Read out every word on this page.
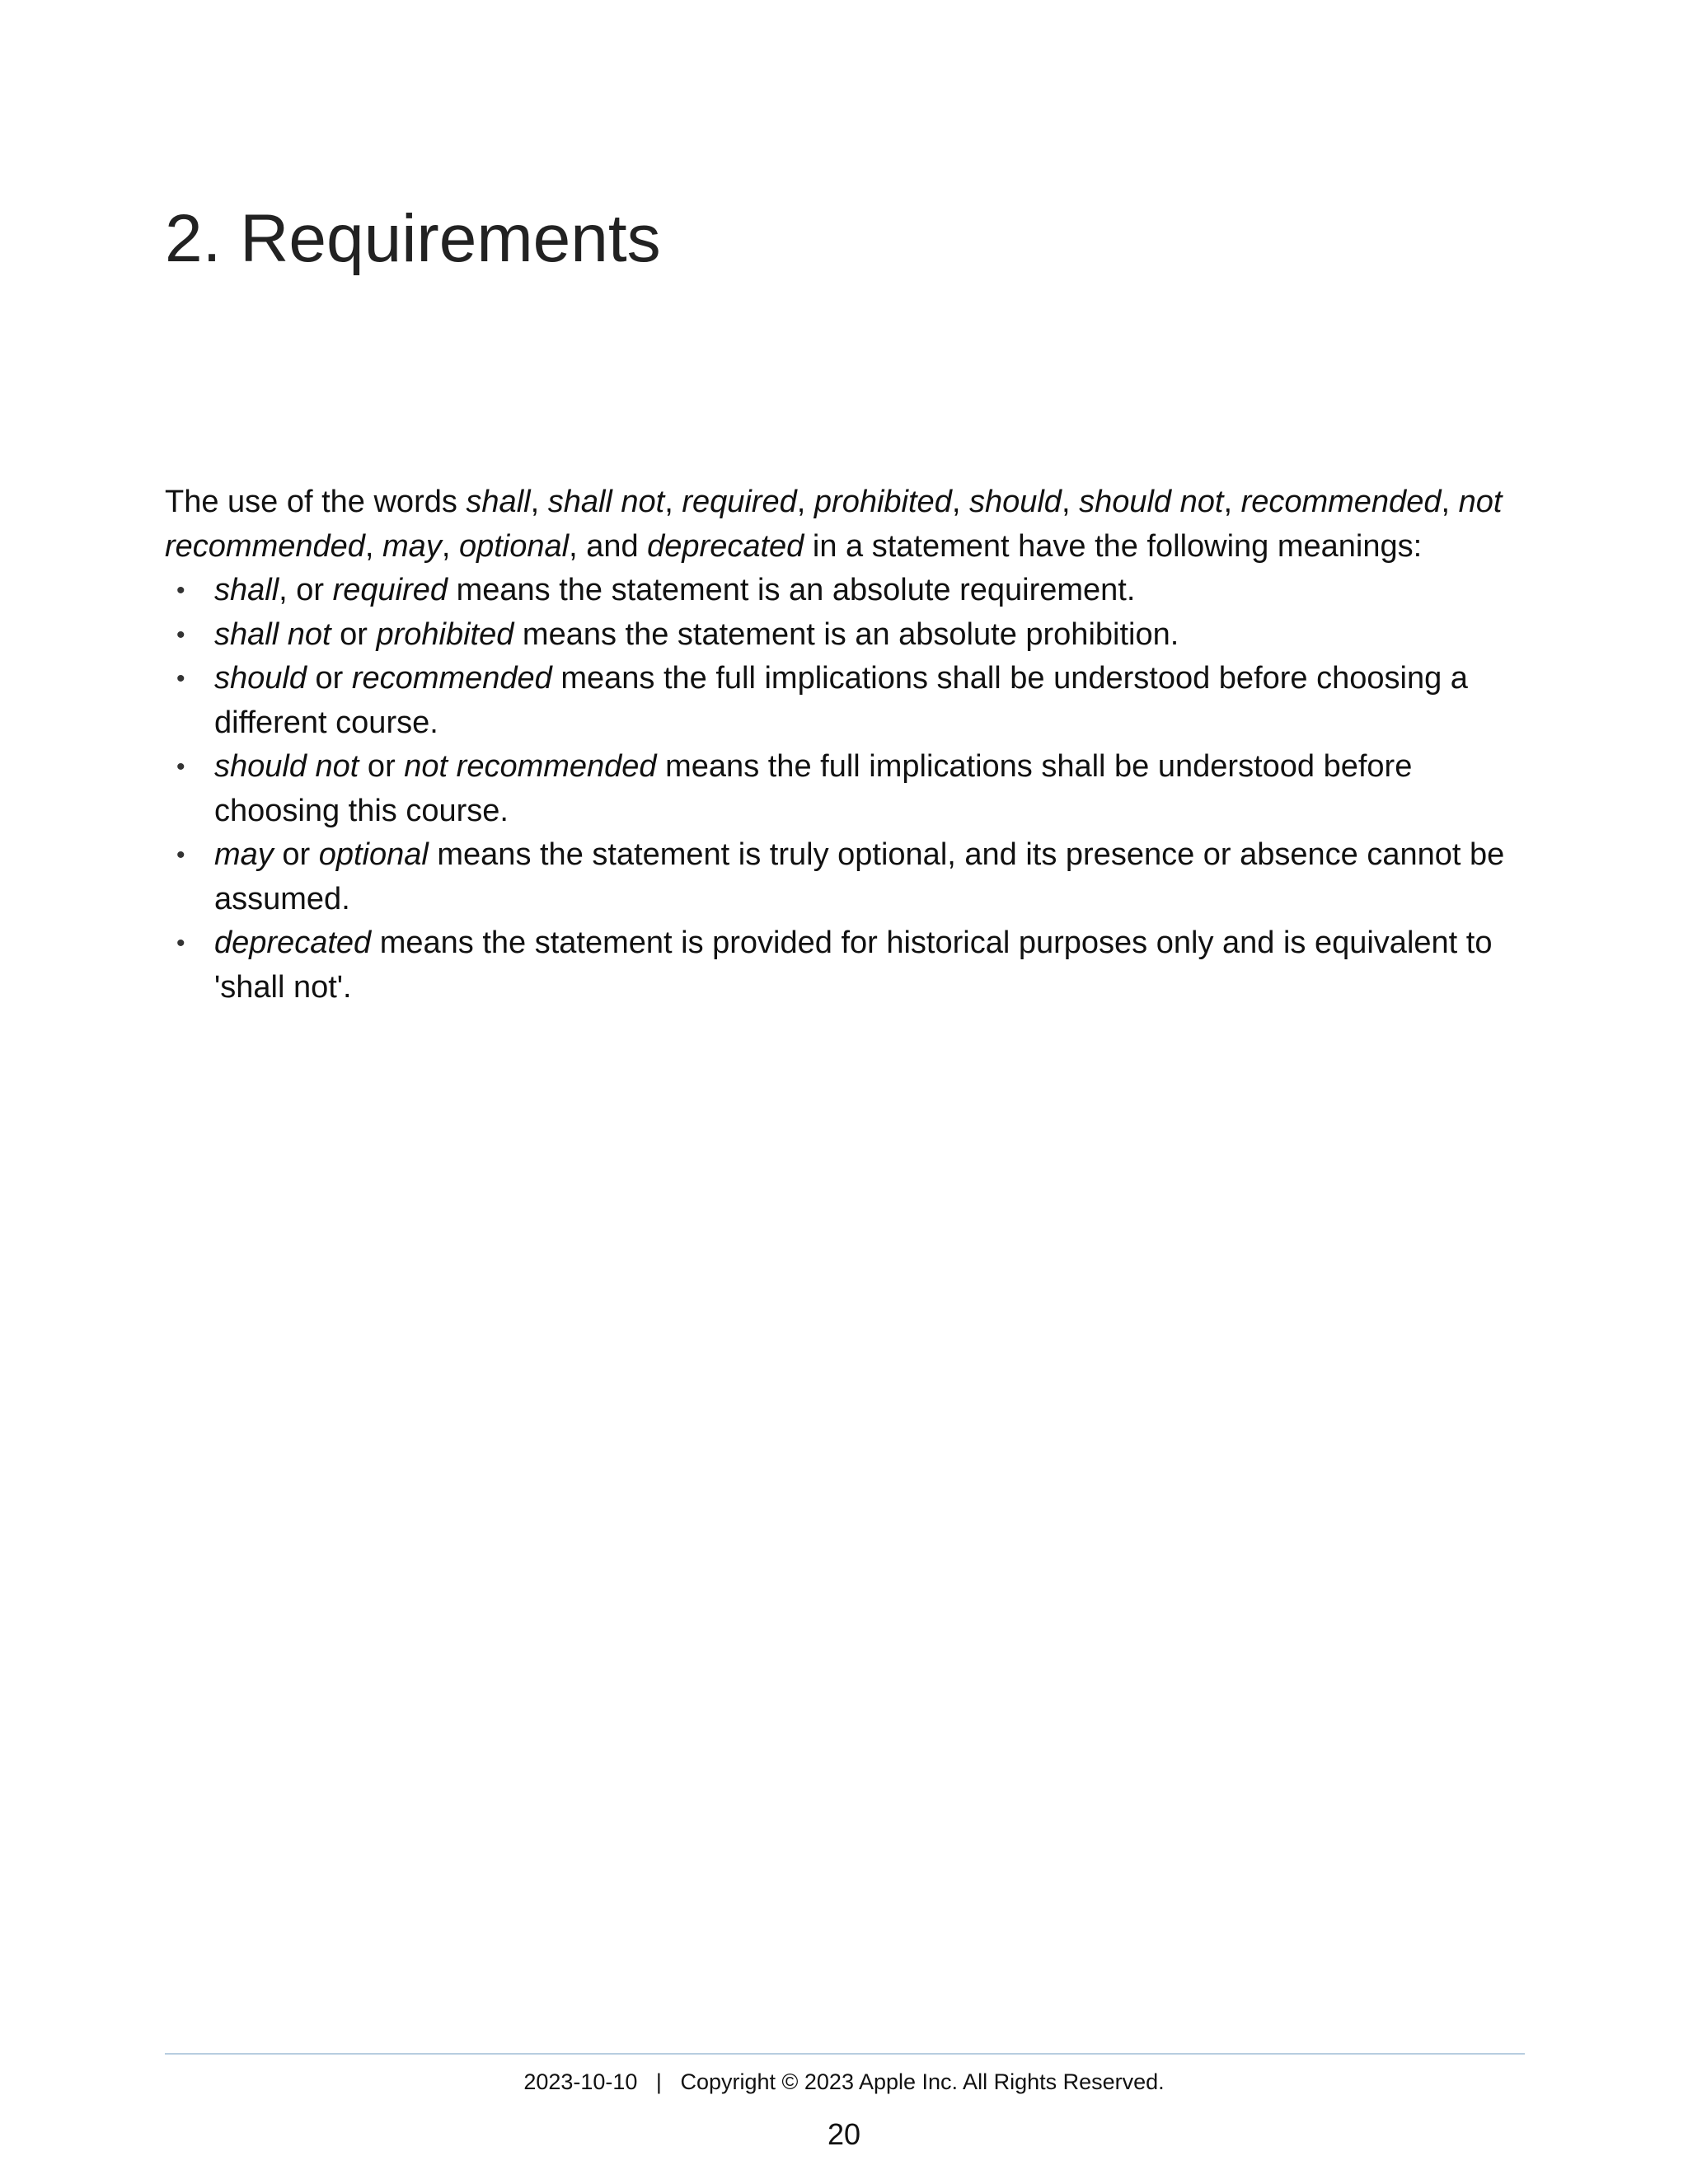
2. Requirements

The use of the words shall, shall not, required, prohibited, should, should not, recommended, not recommended, may, optional, and deprecated in a statement have the following meanings:

• shall, or required means the statement is an absolute requirement.
• shall not or prohibited means the statement is an absolute prohibition.
• should or recommended means the full implications shall be understood before choosing a different course.
• should not or not recommended means the full implications shall be understood before choosing this course.
• may or optional means the statement is truly optional, and its presence or absence cannot be assumed.
• deprecated means the statement is provided for historical purposes only and is equivalent to 'shall not'.
2023-10-10   |   Copyright © 2023 Apple Inc. All Rights Reserved.
20
